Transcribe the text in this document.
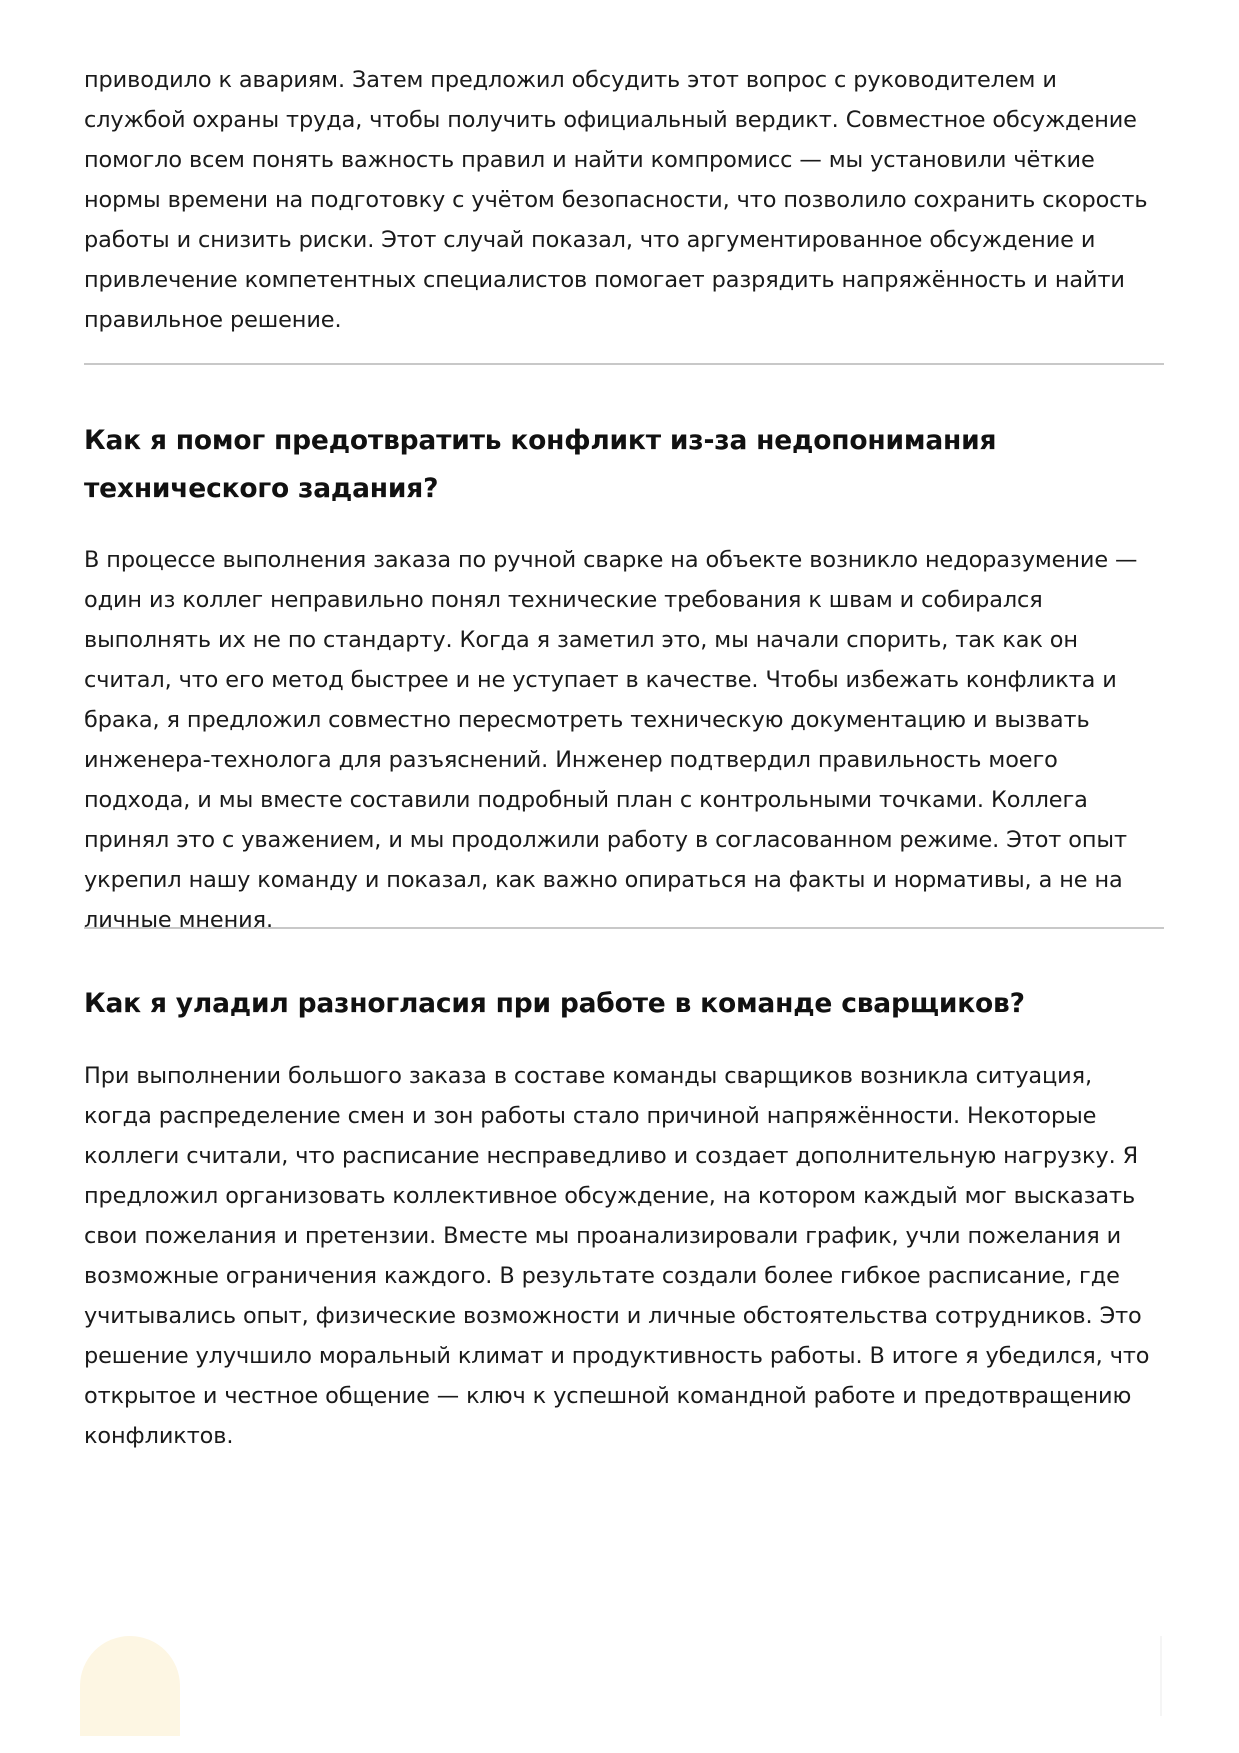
приводило к авариям. Затем предложил обсудить этот вопрос с руководителем и службой охраны труда, чтобы получить официальный вердикт. Совместное обсуждение помогло всем понять важность правил и найти компромисс — мы установили чёткие нормы времени на подготовку с учётом безопасности, что позволило сохранить скорость работы и снизить риски. Этот случай показал, что аргументированное обсуждение и привлечение компетентных специалистов помогает разрядить напряжённость и найти правильное решение.

Как я помог предотвратить конфликт из-за недопонимания технического задания?

В процессе выполнения заказа по ручной сварке на объекте возникло недоразумение — один из коллег неправильно понял технические требования к швам и собирался выполнять их не по стандарту. Когда я заметил это, мы начали спорить, так как он считал, что его метод быстрее и не уступает в качестве. Чтобы избежать конфликта и брака, я предложил совместно пересмотреть техническую документацию и вызвать инженера-технолога для разъяснений. Инженер подтвердил правильность моего подхода, и мы вместе составили подробный план с контрольными точками. Коллега принял это с уважением, и мы продолжили работу в согласованном режиме. Этот опыт укрепил нашу команду и показал, как важно опираться на факты и нормативы, а не на личные мнения.

Как я уладил разногласия при работе в команде сварщиков?

При выполнении большого заказа в составе команды сварщиков возникла ситуация, когда распределение смен и зон работы стало причиной напряжённости. Некоторые коллеги считали, что расписание несправедливо и создает дополнительную нагрузку. Я предложил организовать коллективное обсуждение, на котором каждый мог высказать свои пожелания и претензии. Вместе мы проанализировали график, учли пожелания и возможные ограничения каждого. В результате создали более гибкое расписание, где учитывались опыт, физические возможности и личные обстоятельства сотрудников. Это решение улучшило моральный климат и продуктивность работы. В итоге я убедился, что открытое и честное общение — ключ к успешной командной работе и предотвращению конфликтов.
